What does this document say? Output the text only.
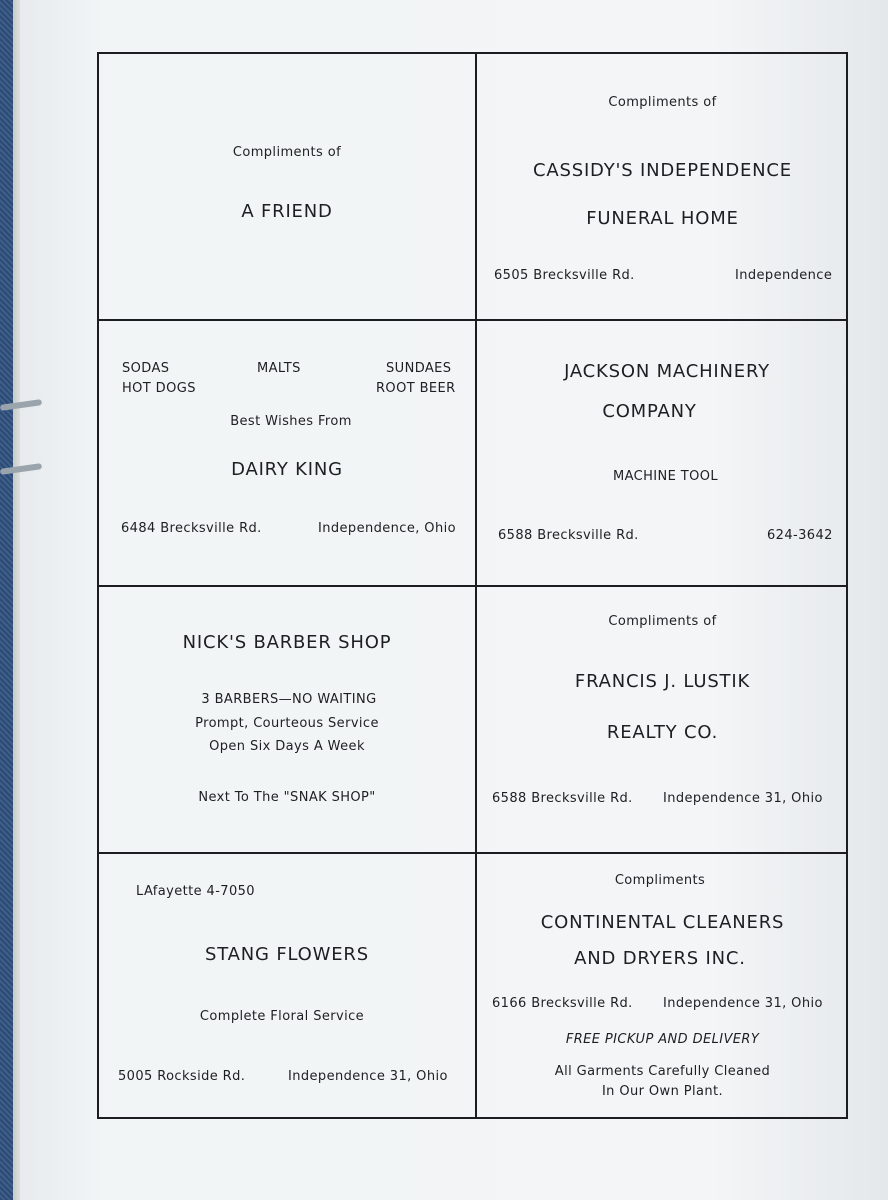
Compliments of
A FRIEND
Compliments of
CASSIDY'S INDEPENDENCE
FUNERAL HOME
6505 Brecksville Rd.	Independence
SODAS	MALTS	SUNDAES
HOT DOGS	ROOT BEER
Best Wishes From
DAIRY KING
6484 Brecksville Rd.	Independence, Ohio
JACKSON MACHINERY
COMPANY
MACHINE TOOL
6588 Brecksville Rd.	624-3642
NICK'S BARBER SHOP
3 BARBERS—NO WAITING
Prompt, Courteous Service
Open Six Days A Week
Next To The "SNAK SHOP"
Compliments of
FRANCIS J. LUSTIK
REALTY CO.
6588 Brecksville Rd. Independence 31, Ohio
LAfayette 4-7050
STANG FLOWERS
Complete Floral Service
5005 Rockside Rd.	Independence 31, Ohio
Compliments
CONTINENTAL CLEANERS
AND DRYERS INC.
6166 Brecksville Rd. Independence 31, Ohio
FREE PICKUP AND DELIVERY
All Garments Carefully Cleaned
In Our Own Plant.
